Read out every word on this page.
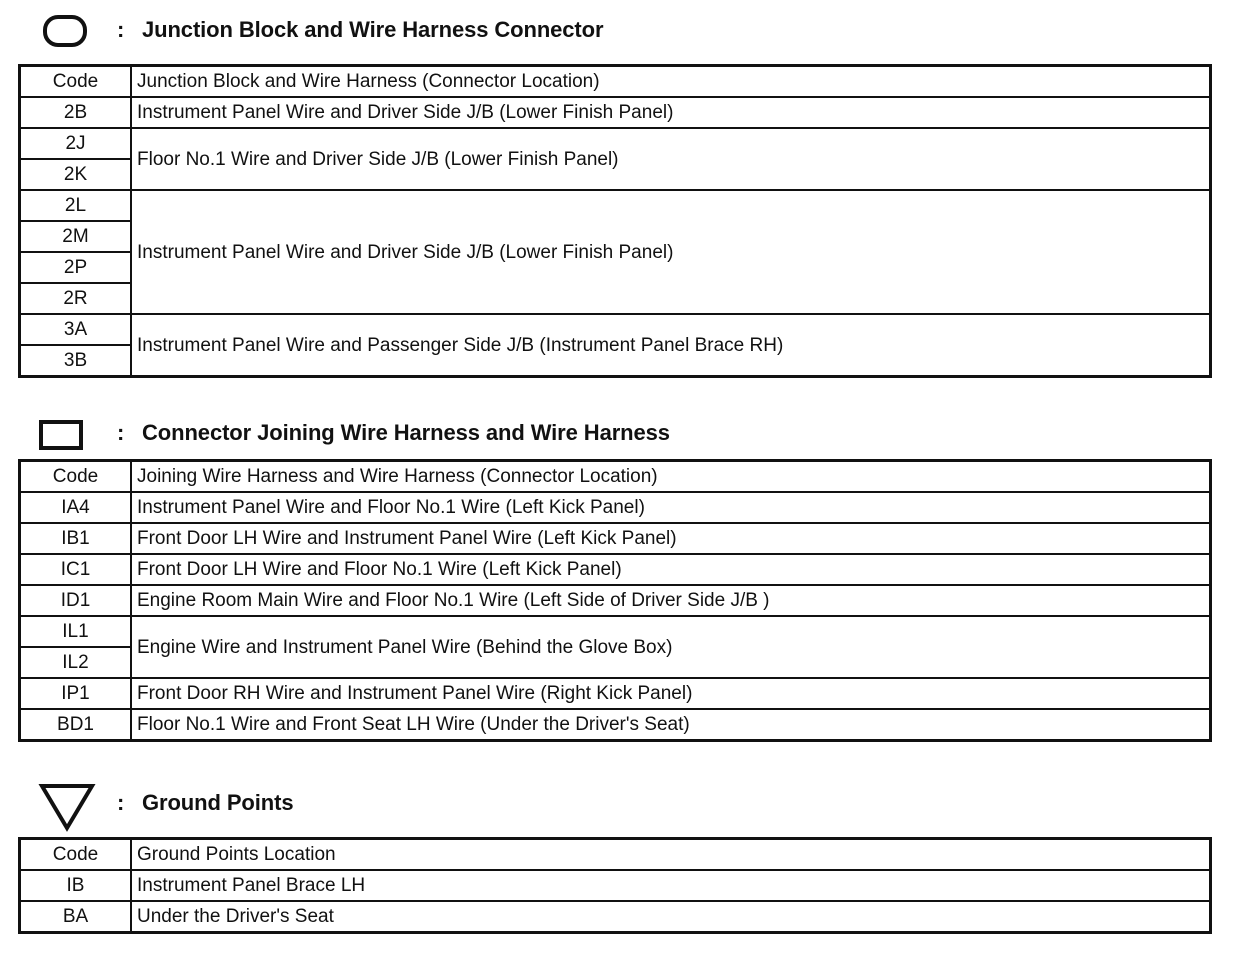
: Junction Block and Wire Harness Connector
Code	Junction Block and Wire Harness (Connector Location)
2B	Instrument Panel Wire and Driver Side J/B (Lower Finish Panel)
2J	Floor No.1 Wire and Driver Side J/B (Lower Finish Panel)
2K	
2L	Instrument Panel Wire and Driver Side J/B (Lower Finish Panel)
2M	
2P	
2R	
3A	Instrument Panel Wire and Passenger Side J/B (Instrument Panel Brace RH)
3B	
: Connector Joining Wire Harness and Wire Harness
Code	Joining Wire Harness and Wire Harness (Connector Location)
IA4	Instrument Panel Wire and Floor No.1 Wire (Left Kick Panel)
IB1	Front Door LH Wire and Instrument Panel Wire (Left Kick Panel)
IC1	Front Door LH Wire and Floor No.1 Wire (Left Kick Panel)
ID1	Engine Room Main Wire and Floor No.1 Wire (Left Side of Driver Side J/B )
IL1	Engine Wire and Instrument Panel Wire (Behind the Glove Box)
IL2	
IP1	Front Door RH Wire and Instrument Panel Wire (Right Kick Panel)
BD1	Floor No.1 Wire and Front Seat LH Wire (Under the Driver's Seat)
: Ground Points
Code	Ground Points Location
IB	Instrument Panel Brace LH
BA	Under the Driver's Seat
